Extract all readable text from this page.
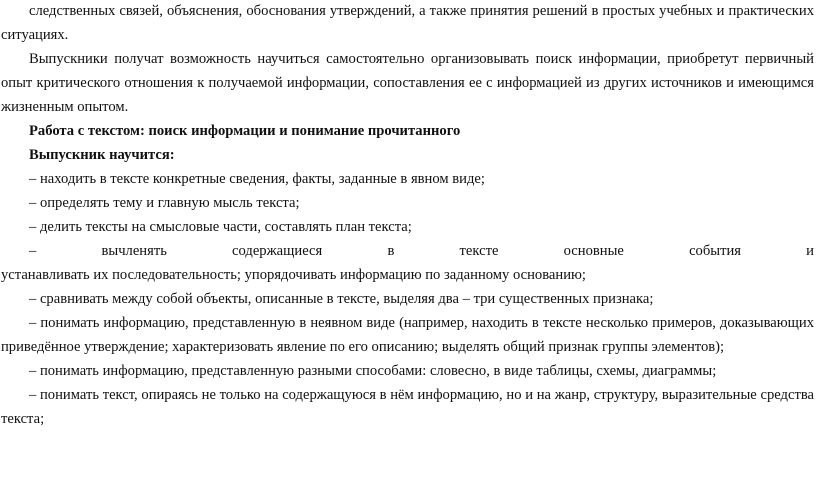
следственных связей, объяснения, обоснования утверждений, а также принятия решений в простых учебных и практических ситуациях.

Выпускники получат возможность научиться самостоятельно организовывать поиск информации, приобретут первичный опыт критического отношения к получаемой информации, сопоставления ее с информацией из других источников и имеющимся жизненным опытом.

Работа с текстом: поиск информации и понимание прочитанного

Выпускник научится:

– находить в тексте конкретные сведения, факты, заданные в явном виде;

– определять тему и главную мысль текста;

– делить тексты на смысловые части, составлять план текста;

– вычленять содержащиеся в тексте основные события и

устанавливать их последовательность; упорядочивать информацию по заданному основанию;

– сравнивать между собой объекты, описанные в тексте, выделяя два – три существенных признака;

– понимать информацию, представленную в неявном виде (например, находить в тексте несколько примеров, доказывающих приведённое утверждение; характеризовать явление по его описанию; выделять общий признак группы элементов);

– понимать информацию, представленную разными способами: словесно, в виде таблицы, схемы, диаграммы;

– понимать текст, опираясь не только на содержащуюся в нём информацию, но и на жанр, структуру, выразительные средства текста;
